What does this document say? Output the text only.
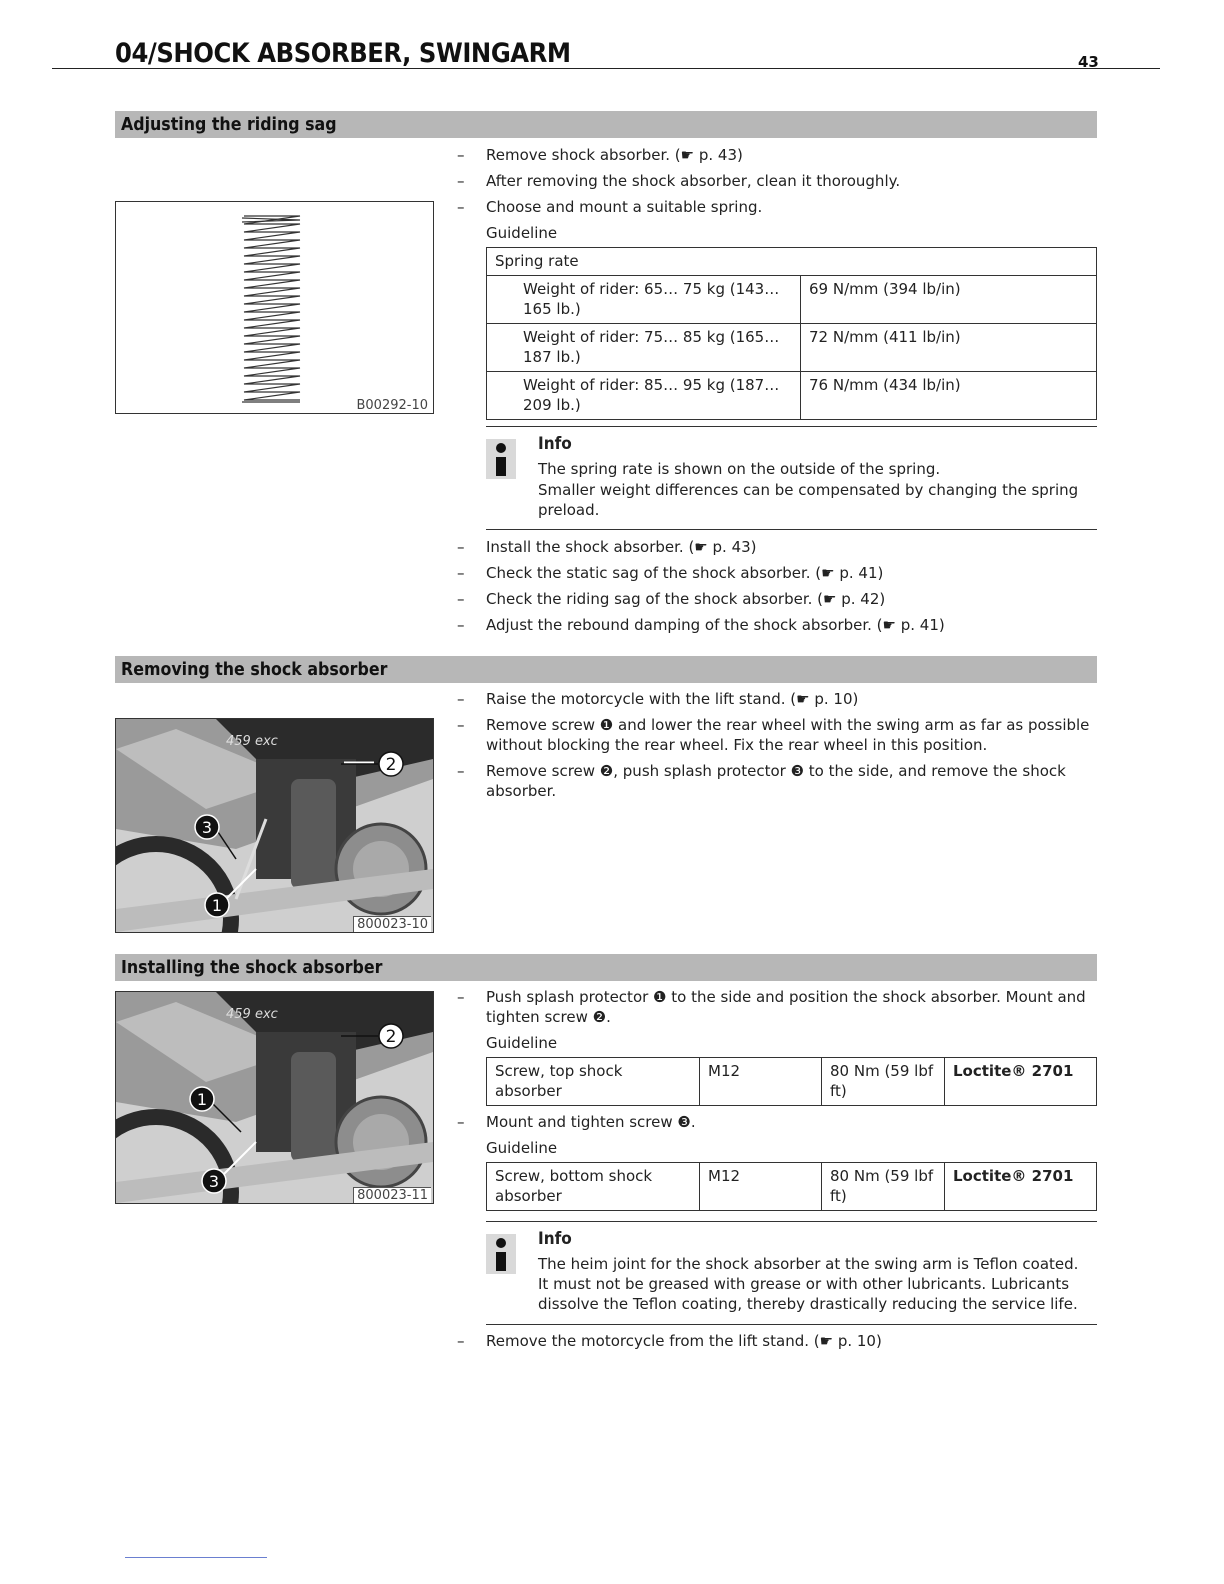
04/SHOCK ABSORBER, SWINGARM	43
Adjusting the riding sag
B00292-10
– Remove shock absorber. (☛ p. 43)
– After removing the shock absorber, clean it thoroughly.
– Choose and mount a suitable spring.
Guideline
Spring rate	
Weight of rider: 65… 75 kg (143… 165 lb.)	69 N/mm (394 lb/in)
Weight of rider: 75… 85 kg (165… 187 lb.)	72 N/mm (411 lb/in)
Weight of rider: 85… 95 kg (187… 209 lb.)	76 N/mm (434 lb/in)
Info
The spring rate is shown on the outside of the spring.
Smaller weight differences can be compensated by changing the spring preload.
– Install the shock absorber. (☛ p. 43)
– Check the static sag of the shock absorber. (☛ p. 41)
– Check the riding sag of the shock absorber. (☛ p. 42)
– Adjust the rebound damping of the shock absorber. (☛ p. 41)
Removing the shock absorber
459 exc
2
3
1
800023-10
– Raise the motorcycle with the lift stand. (☛ p. 10)
– Remove screw ❶ and lower the rear wheel with the swing arm as far as possible without blocking the rear wheel. Fix the rear wheel in this position.
– Remove screw ❷, push splash protector ❸ to the side, and remove the shock absorber.
Installing the shock absorber
459 exc
2
1
3
800023-11
– Push splash protector ❶ to the side and position the shock absorber. Mount and tighten screw ❷.
Guideline
Screw, top shock absorber	M12	80 Nm (59 lbf ft)	Loctite® 2701
– Mount and tighten screw ❸.
Guideline
Screw, bottom shock absorber	M12	80 Nm (59 lbf ft)	Loctite® 2701
Info
The heim joint for the shock absorber at the swing arm is Teflon coated. It must not be greased with grease or with other lubricants. Lubricants dissolve the Teflon coating, thereby drastically reducing the service life.
– Remove the motorcycle from the lift stand. (☛ p. 10)
